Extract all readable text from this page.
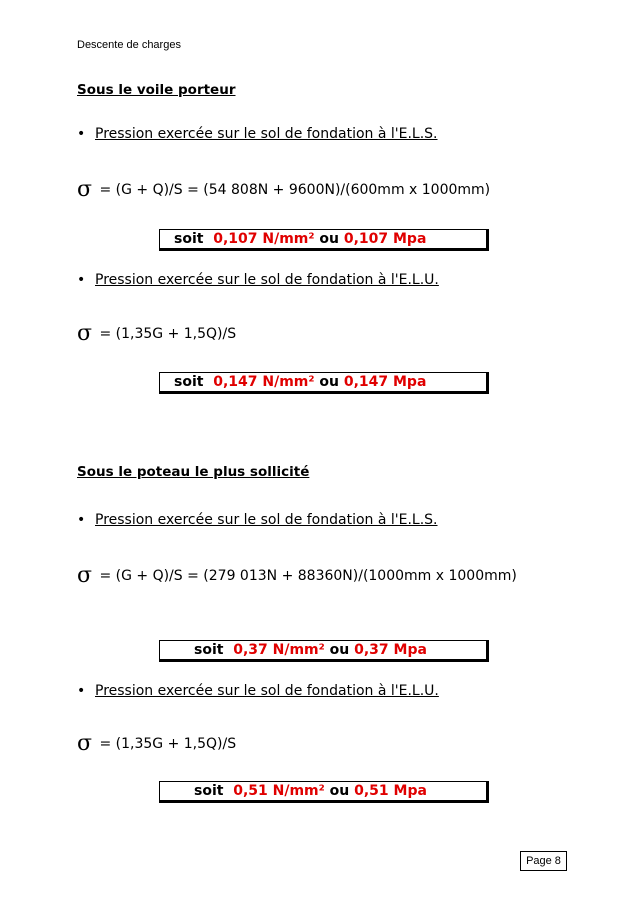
Descente de charges
Sous le voile porteur
• Pression exercée sur le sol de fondation à l'E.L.S.
σ = (G + Q)/S = (54 808N + 9600N)/(600mm x 1000mm)
soit 0,107 N/mm² ou 0,107 Mpa
• Pression exercée sur le sol de fondation à l'E.L.U.
σ = (1,35G + 1,5Q)/S
soit 0,147 N/mm² ou 0,147 Mpa
Sous le poteau le plus sollicité
• Pression exercée sur le sol de fondation à l'E.L.S.
σ = (G + Q)/S = (279 013N + 88360N)/(1000mm x 1000mm)
soit 0,37 N/mm² ou 0,37 Mpa
• Pression exercée sur le sol de fondation à l'E.L.U.
σ = (1,35G + 1,5Q)/S
soit 0,51 N/mm² ou 0,51 Mpa
Page 8
